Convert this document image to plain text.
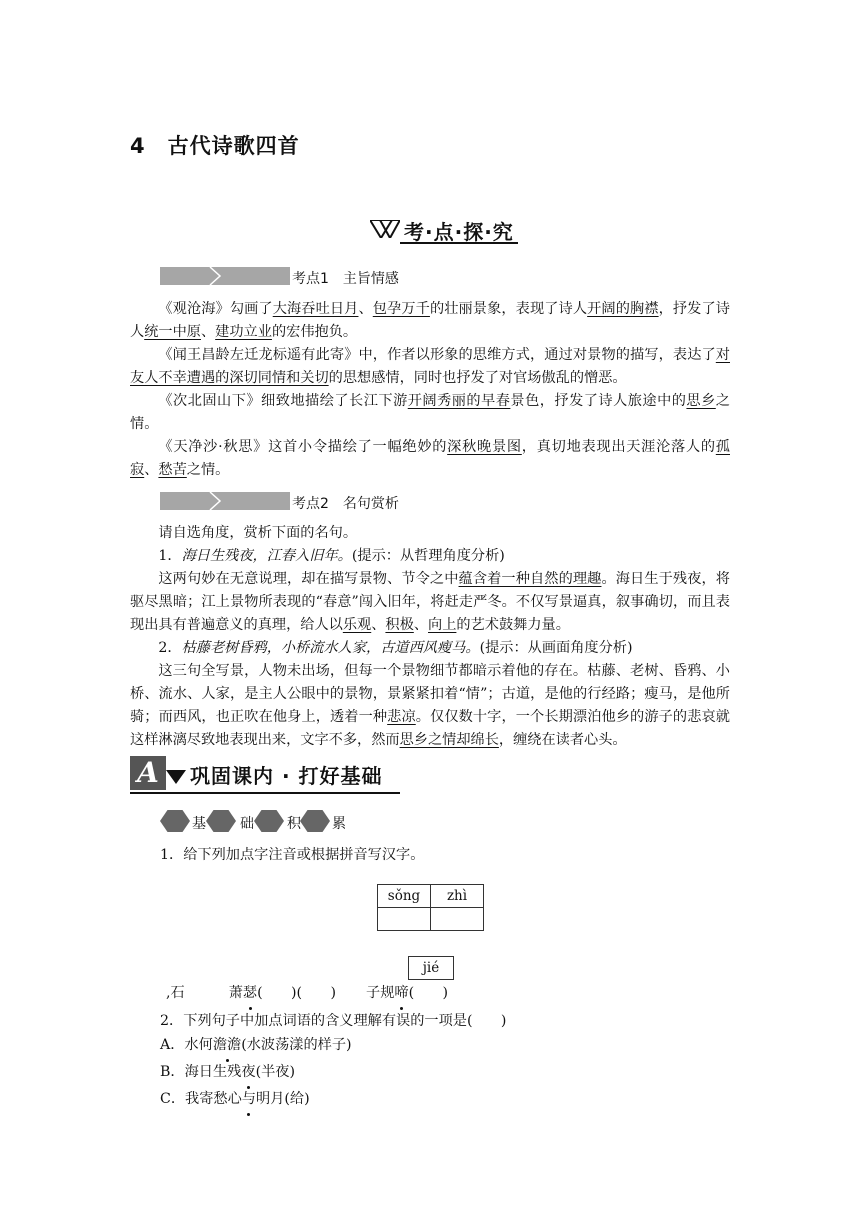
4 古代诗歌四首
考·点·探·究
考点1　主旨情感

《观沧海》勾画了大海吞吐日月、包孕万千的壮丽景象，表现了诗人开阔的胸襟，抒发了诗人统一中原、建功立业的宏伟抱负。

《闻王昌龄左迁龙标遥有此寄》中，作者以形象的思维方式，通过对景物的描写，表达了对友人不幸遭遇的深切同情和关切的思想感情，同时也抒发了对官场傲乱的憎恶。

《次北固山下》细致地描绘了长江下游开阔秀丽的早春景色，抒发了诗人旅途中的思乡之情。

《天净沙·秋思》这首小令描绘了一幅绝妙的深秋晚景图，真切地表现出天涯沦落人的孤寂、愁苦之情。

考点2　名句赏析

请自选角度，赏析下面的名句。

1．海日生残夜，江春入旧年。(提示：从哲理角度分析)

这两句妙在无意说理，却在描写景物、节令之中蕴含着一种自然的理趣。海日生于残夜，将驱尽黑暗；江上景物所表现的“春意”闯入旧年，将赶走严冬。不仅写景逼真，叙事确切，而且表现出具有普遍意义的真理，给人以乐观、积极、向上的艺术鼓舞力量。

2．枯藤老树昏鸦，小桥流水人家，古道西风瘦马。(提示：从画面角度分析)

这三句全写景，人物未出场，但每一个景物细节都暗示着他的存在。枯藤、老树、昏鸦、小桥、流水、人家，是主人公眼中的景物，景紧紧扣着“情”；古道，是他的行经路；瘦马，是他所骑；而西风，也正吹在他身上，透着一种悲凉。仅仅数十字，一个长期漂泊他乡的游子的悲哀就这样淋漓尽致地表现出来，文字不多，然而思乡之情却绵长，缠绕在读者心头。

A	巩固课内 · 打好基础
基 础 积 累
1．给下列加点字注音或根据拼音写汉字。
sǒng	zhì

jié
,石	萧瑟(　　)(　　) 子规啼(　　)
2．下列句子中加点词语的含义理解有误的一项是(　　)
A．水何澹澹(水波荡漾的样子)
B．海日生残夜(半夜)
C．我寄愁心与明月(给)
